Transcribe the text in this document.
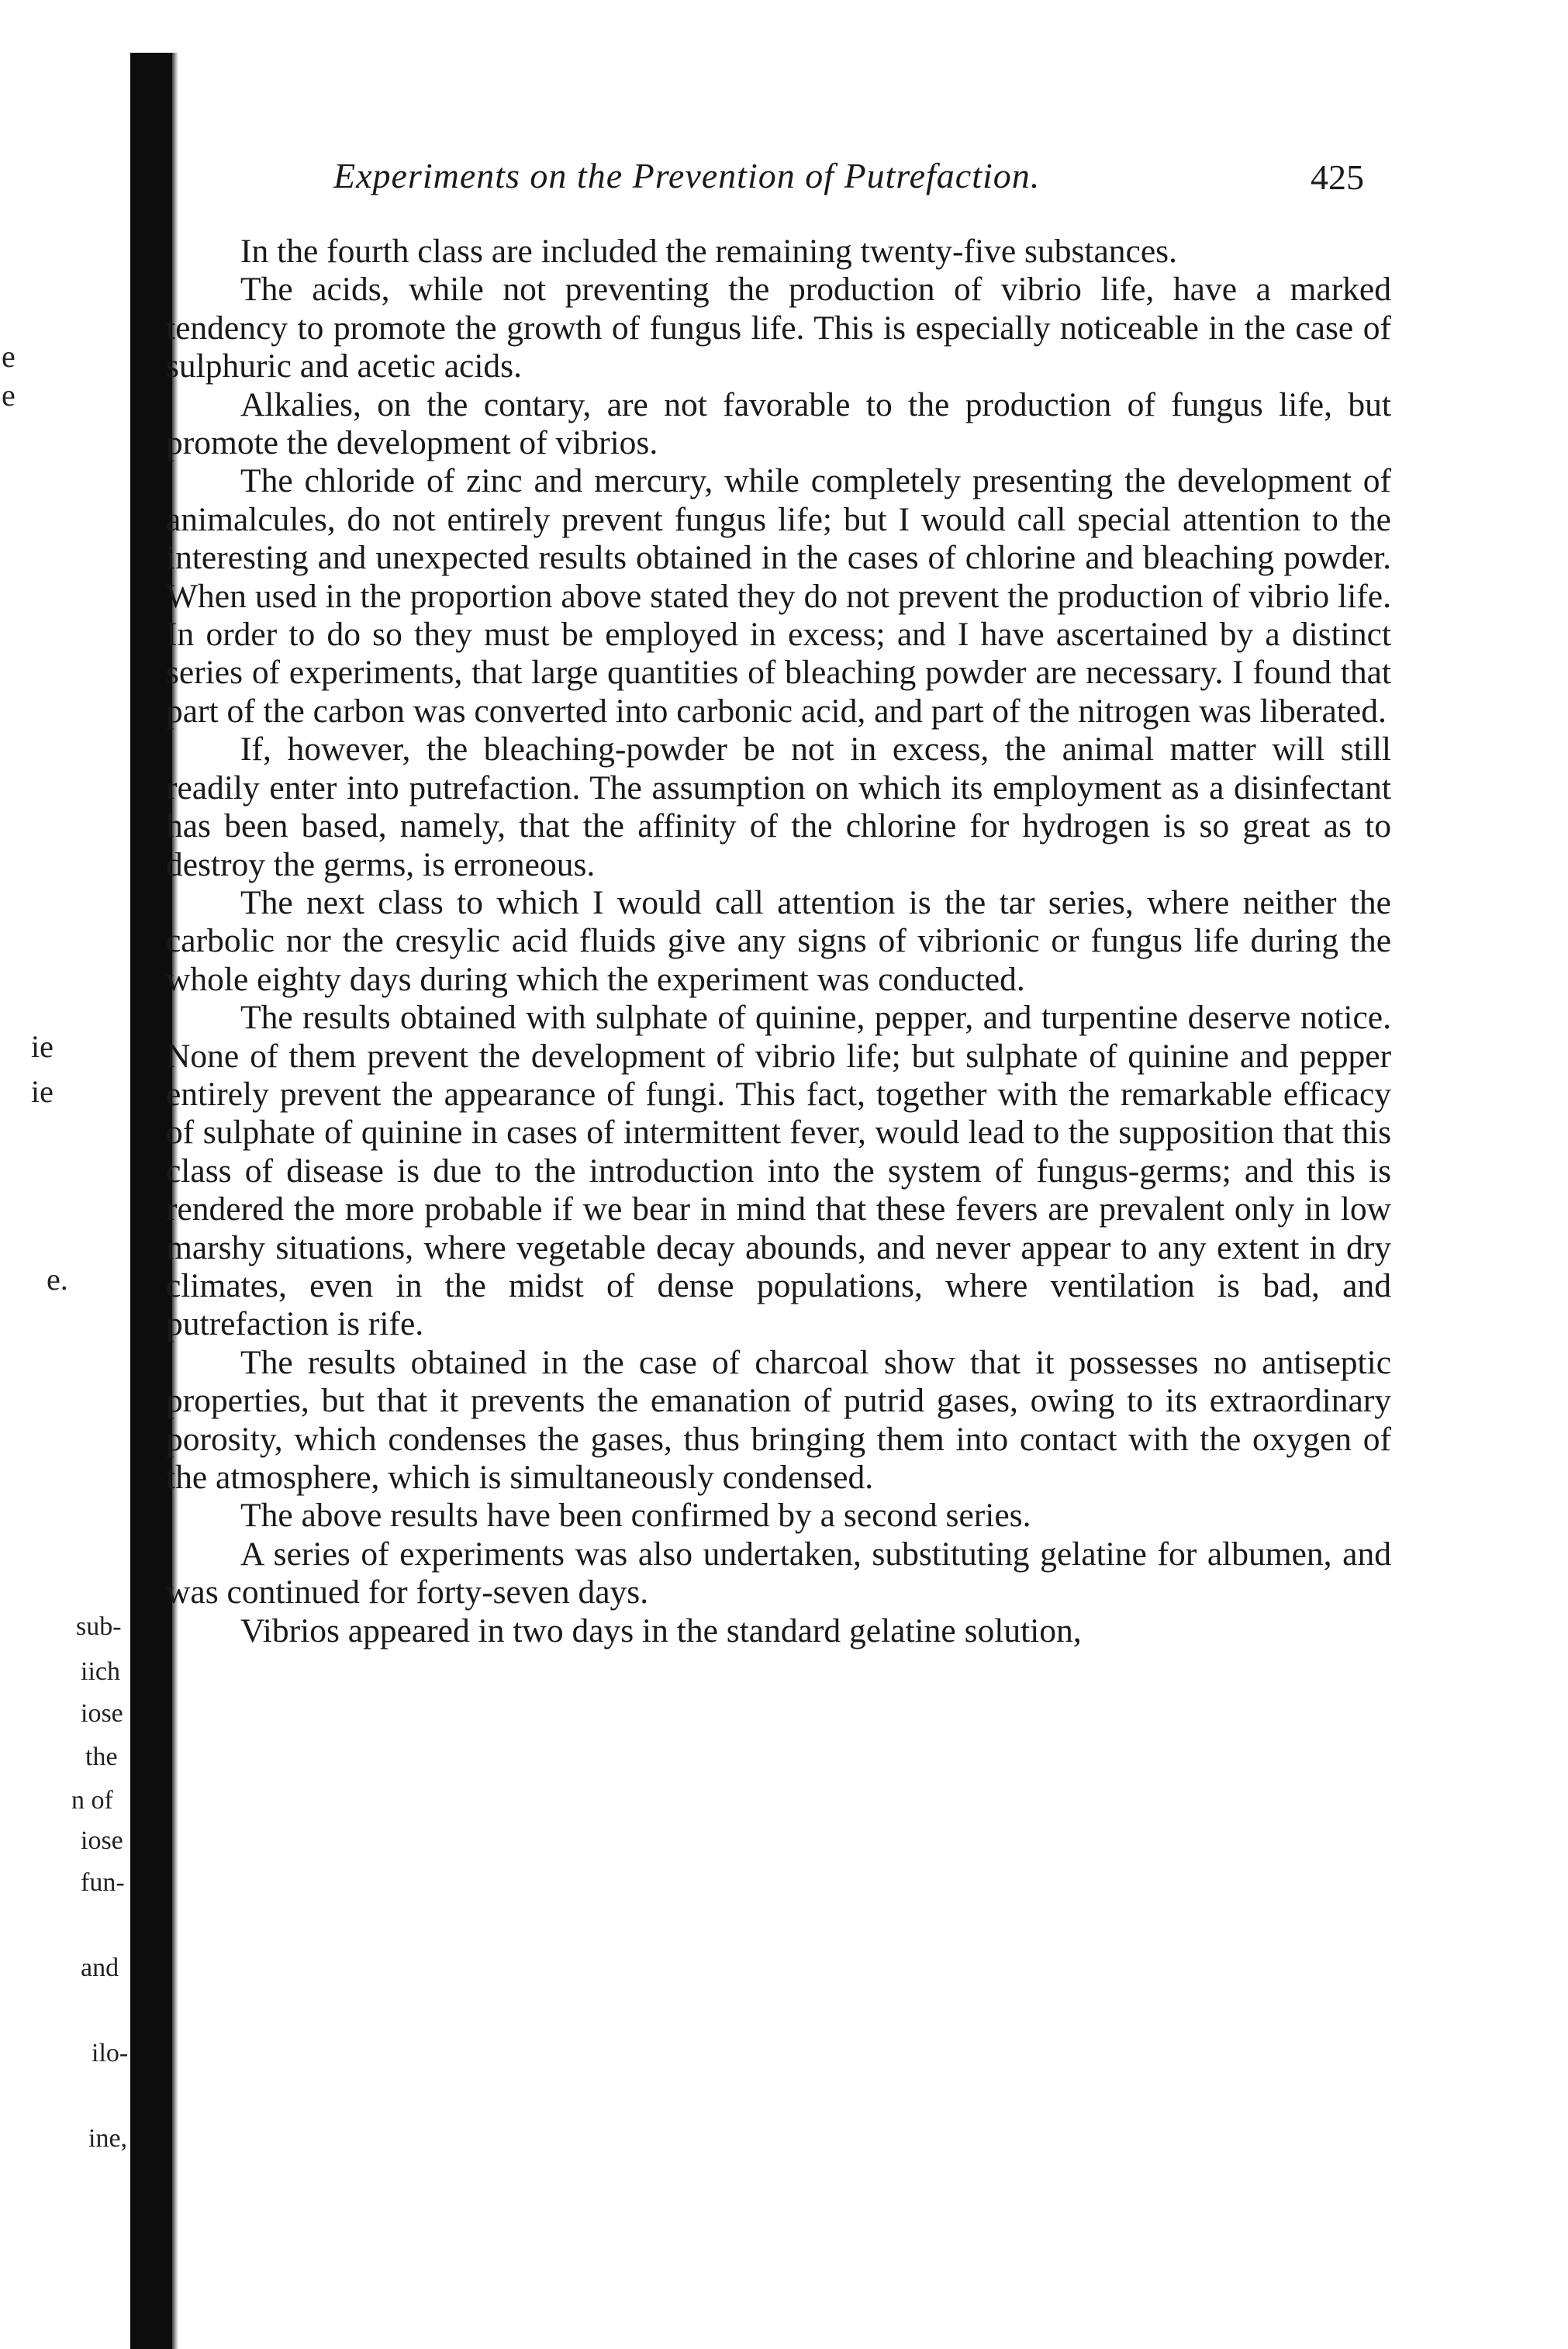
e
e
ie
ie
e.
sub-
iich
iose
the
n of
iose
fun-
and
ilo-
ine,
Experiments on the Prevention of Putrefaction.	425

In the fourth class are included the remaining twenty-five substances.

The acids, while not preventing the production of vibrio life, have a marked tendency to promote the growth of fungus life. This is especially noticeable in the case of sulphuric and acetic acids.

Alkalies, on the contary, are not favorable to the production of fungus life, but promote the development of vibrios.

The chloride of zinc and mercury, while completely presenting the development of animalcules, do not entirely prevent fungus life; but I would call special attention to the interesting and unexpected results obtained in the cases of chlorine and bleaching powder. When used in the proportion above stated they do not prevent the production of vibrio life. In order to do so they must be employed in excess; and I have ascertained by a distinct series of experiments, that large quantities of bleaching powder are necessary. I found that part of the carbon was converted into carbonic acid, and part of the nitrogen was liberated.

If, however, the bleaching-powder be not in excess, the animal matter will still readily enter into putrefaction. The assumption on which its employment as a disinfectant has been based, namely, that the affinity of the chlorine for hydrogen is so great as to destroy the germs, is erroneous.

The next class to which I would call attention is the tar series, where neither the carbolic nor the cresylic acid fluids give any signs of vibrionic or fungus life during the whole eighty days during which the experiment was conducted.

The results obtained with sulphate of quinine, pepper, and turpentine deserve notice. None of them prevent the development of vibrio life; but sulphate of quinine and pepper entirely prevent the appearance of fungi. This fact, together with the remarkable efficacy of sulphate of quinine in cases of intermittent fever, would lead to the supposition that this class of disease is due to the introduction into the system of fungus-germs; and this is rendered the more probable if we bear in mind that these fevers are prevalent only in low marshy situations, where vegetable decay abounds, and never appear to any extent in dry climates, even in the midst of dense populations, where ventilation is bad, and putrefaction is rife.

The results obtained in the case of charcoal show that it possesses no antiseptic properties, but that it prevents the emanation of putrid gases, owing to its extraordinary porosity, which condenses the gases, thus bringing them into contact with the oxygen of the atmosphere, which is simultaneously condensed.

The above results have been confirmed by a second series.

A series of experiments was also undertaken, substituting gelatine for albumen, and was continued for forty-seven days.

Vibrios appeared in two days in the standard gelatine solution,
